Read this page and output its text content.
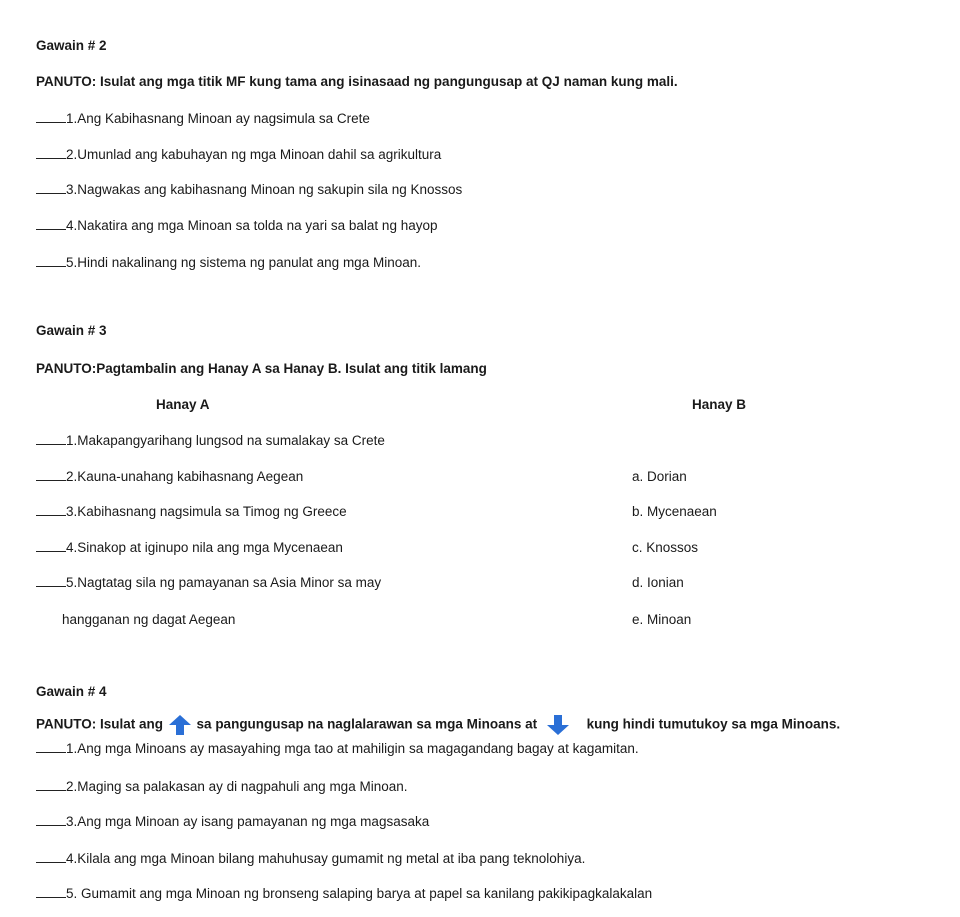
Gawain # 2
PANUTO: Isulat ang mga titik MF kung tama ang isinasaad ng pangungusap at QJ naman kung mali.
1.Ang Kabihasnang Minoan ay nagsimula sa Crete
2.Umunlad ang kabuhayan ng mga Minoan dahil sa agrikultura
3.Nagwakas ang kabihasnang Minoan ng sakupin sila ng Knossos
4.Nakatira ang mga Minoan sa tolda na yari sa balat ng hayop
5.Hindi nakalinang ng sistema ng panulat ang mga Minoan.
Gawain # 3
PANUTO:Pagtambalin ang Hanay A sa Hanay B. Isulat ang titik lamang
Hanay A	Hanay B
1.Makapangyarihang lungsod na sumalakay sa Crete
2.Kauna-unahang kabihasnang Aegean
3.Kabihasnang nagsimula sa Timog ng Greece
4.Sinakop at iginupo nila ang mga Mycenaean
5.Nagtatag sila ng pamayanan sa Asia Minor sa may
hangganan ng dagat Aegean
a. Dorian
b. Mycenaean
c. Knossos
d. Ionian
e. Minoan
Gawain # 4
PANUTO: Isulat ang sa pangungusap na naglalarawan sa mga Minoans at	kung hindi tumutukoy sa mga Minoans.
1.Ang mga Minoans ay masayahing mga tao at mahiligin sa magagandang bagay at kagamitan.
2.Maging sa palakasan ay di nagpahuli ang mga Minoan.
3.Ang mga Minoan ay isang pamayanan ng mga magsasaka
4.Kilala ang mga Minoan bilang mahuhusay gumamit ng metal at iba pang teknolohiya.
5. Gumamit ang mga Minoan ng bronseng salaping barya at papel sa kanilang pakikipagkalakalan
